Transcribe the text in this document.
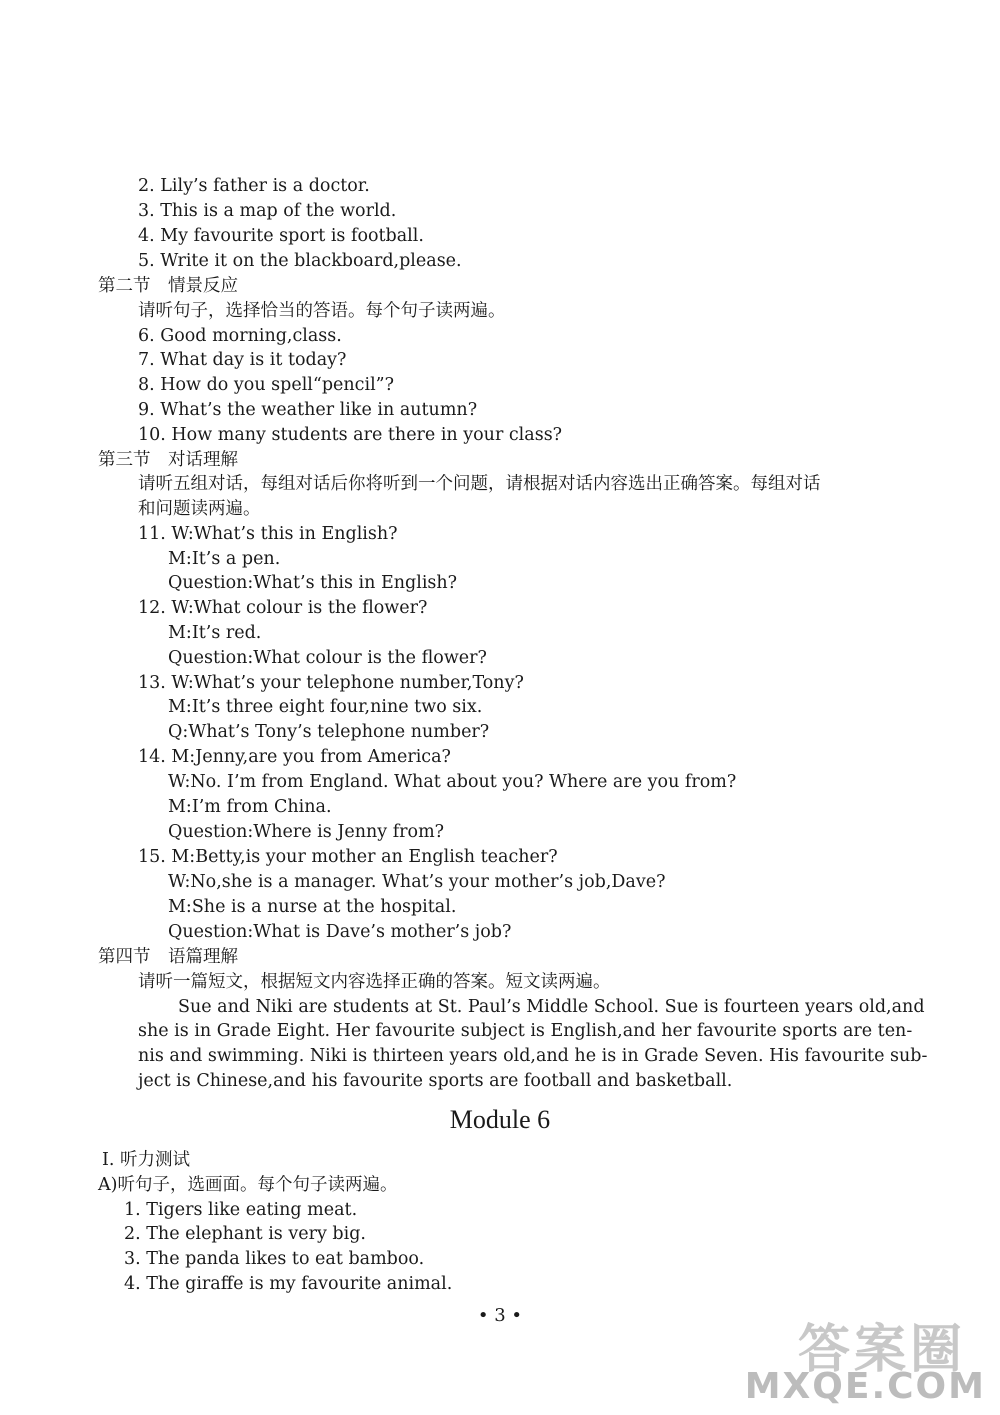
2. Lily’s father is a doctor.
3. This is a map of the world.
4. My favourite sport is football.
5. Write it on the blackboard,please.
第二节　情景反应
请听句子，选择恰当的答语。每个句子读两遍。
6. Good morning,class.
7. What day is it today?
8. How do you spell“pencil”?
9. What’s the weather like in autumn?
10. How many students are there in your class?
第三节　对话理解
请听五组对话，每组对话后你将听到一个问题，请根据对话内容选出正确答案。每组对话
和问题读两遍。
11. W:What’s this in English?
M:It’s a pen.
Question:What’s this in English?
12. W:What colour is the flower?
M:It’s red.
Question:What colour is the flower?
13. W:What’s your telephone number,Tony?
M:It’s three eight four,nine two six.
Q:What’s Tony’s telephone number?
14. M:Jenny,are you from America?
W:No. I’m from England. What about you? Where are you from?
M:I’m from China.
Question:Where is Jenny from?
15. M:Betty,is your mother an English teacher?
W:No,she is a manager. What’s your mother’s job,Dave?
M:She is a nurse at the hospital.
Question:What is Dave’s mother’s job?
第四节　语篇理解
请听一篇短文，根据短文内容选择正确的答案。短文读两遍。
Sue and Niki are students at St. Paul’s Middle School. Sue is fourteen years old,and
she is in Grade Eight. Her favourite subject is English,and her favourite sports are ten-
nis and swimming. Niki is thirteen years old,and he is in Grade Seven. His favourite sub-
ject is Chinese,and his favourite sports are football and basketball.
Module 6
Ⅰ. 听力测试
A)听句子，选画面。每个句子读两遍。
1. Tigers like eating meat.
2. The elephant is very big.
3. The panda likes to eat bamboo.
4. The giraffe is my favourite animal.
• 3 •
答案圈
MXQE.COM
